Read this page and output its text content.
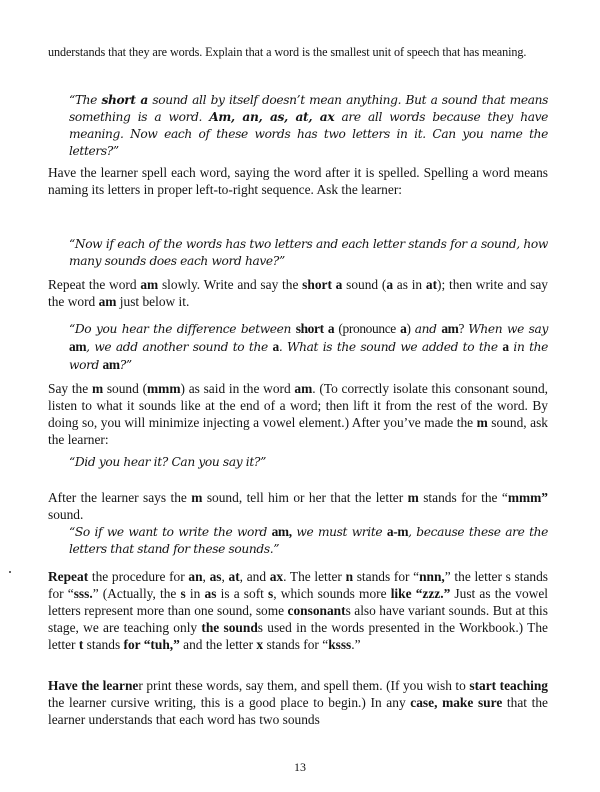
understands that they are words. Explain that a word is the smallest unit of speech that has meaning.

“The short a sound all by itself doesn’t mean anything. But a sound that means something is a word. Am, an, as, at, ax are all words because they have meaning. Now each of these words has two letters in it. Can you name the letters?”

Have the learner spell each word, saying the word after it is spelled. Spelling a word means naming its letters in proper left-to-right sequence. Ask the learner:

“Now if each of the words has two letters and each letter stands for a sound, how many sounds does each word have?”

Repeat the word am slowly. Write and say the short a sound (a as in at); then write and say the word am just below it.

“Do you hear the difference between short a (pronounce a) and am? When we say am, we add another sound to the a. What is the sound we added to the a in the word am?”

Say the m sound (mmm) as said in the word am. (To correctly isolate this consonant sound, listen to what it sounds like at the end of a word; then lift it from the rest of the word. By doing so, you will minimize injecting a vowel element.) After you’ve made the m sound, ask the learner:

“Did you hear it? Can you say it?”

After the learner says the m sound, tell him or her that the letter m stands for the “mmm” sound.

“So if we want to write the word am, we must write a-m, because these are the letters that stand for these sounds.”

Repeat the procedure for an, as, at, and ax. The letter n stands for “nnn,” the letter s stands for “sss.” (Actually, the s in as is a soft s, which sounds more like “zzz.” Just as the vowel letters represent more than one sound, some consonants also have variant sounds. But at this stage, we are teaching only the sounds used in the words presented in the Workbook.) The letter t stands for “tuh,” and the letter x stands for “ksss.”

Have the learner print these words, say them, and spell them. (If you wish to start teaching the learner cursive writing, this is a good place to begin.) In any case, make sure that the learner understands that each word has two sounds

13
